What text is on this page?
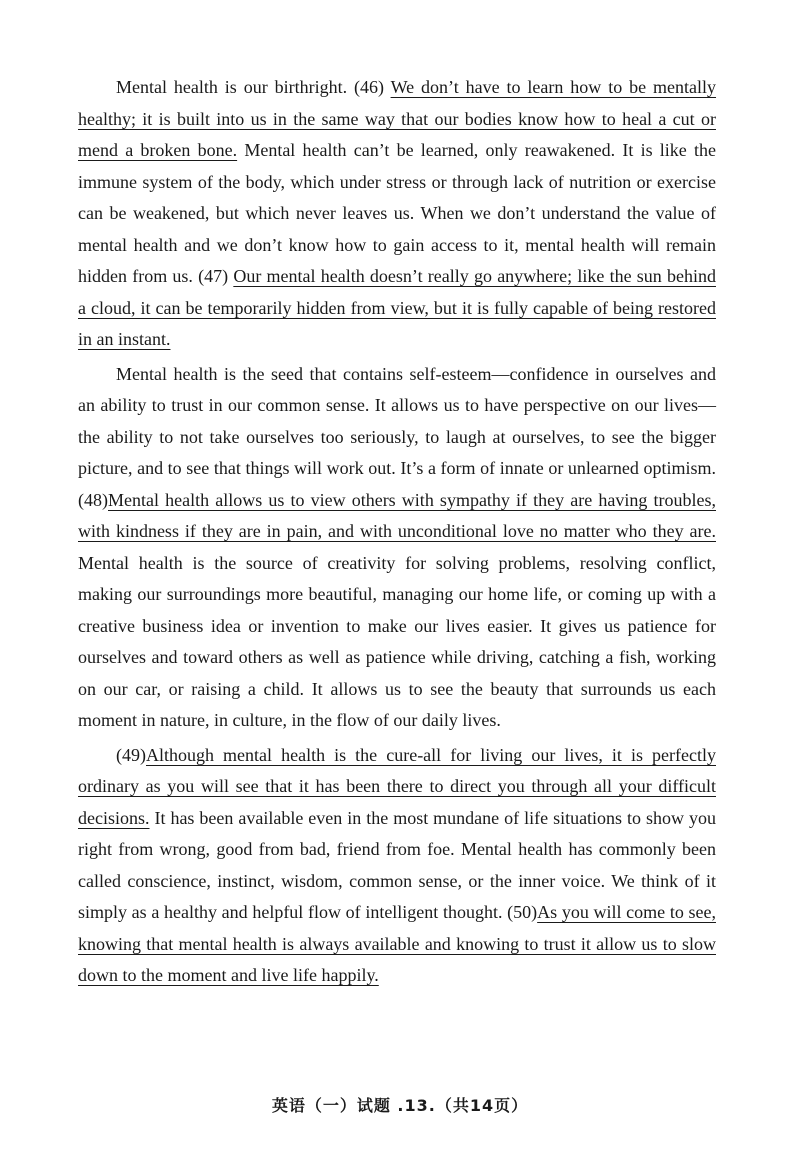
Mental health is our birthright. (46) We don’t have to learn how to be mentally healthy; it is built into us in the same way that our bodies know how to heal a cut or mend a broken bone. Mental health can’t be learned, only reawakened. It is like the immune system of the body, which under stress or through lack of nutrition or exercise can be weakened, but which never leaves us. When we don’t understand the value of mental health and we don’t know how to gain access to it, mental health will remain hidden from us. (47) Our mental health doesn’t really go anywhere; like the sun behind a cloud, it can be temporarily hidden from view, but it is fully capable of being restored in an instant.

Mental health is the seed that contains self-esteem—confidence in ourselves and an ability to trust in our common sense. It allows us to have perspective on our lives—the ability to not take ourselves too seriously, to laugh at ourselves, to see the bigger picture, and to see that things will work out. It’s a form of innate or unlearned optimism. (48)Mental health allows us to view others with sympathy if they are having troubles, with kindness if they are in pain, and with unconditional love no matter who they are. Mental health is the source of creativity for solving problems, resolving conflict, making our surroundings more beautiful, managing our home life, or coming up with a creative business idea or invention to make our lives easier. It gives us patience for ourselves and toward others as well as patience while driving, catching a fish, working on our car, or raising a child. It allows us to see the beauty that surrounds us each moment in nature, in culture, in the flow of our daily lives.

(49)Although mental health is the cure-all for living our lives, it is perfectly ordinary as you will see that it has been there to direct you through all your difficult decisions. It has been available even in the most mundane of life situations to show you right from wrong, good from bad, friend from foe. Mental health has commonly been called conscience, instinct, wisdom, common sense, or the inner voice. We think of it simply as a healthy and helpful flow of intelligent thought. (50)As you will come to see, knowing that mental health is always available and knowing to trust it allow us to slow down to the moment and live life happily.

英语（一）试题 .13.（共14页）
